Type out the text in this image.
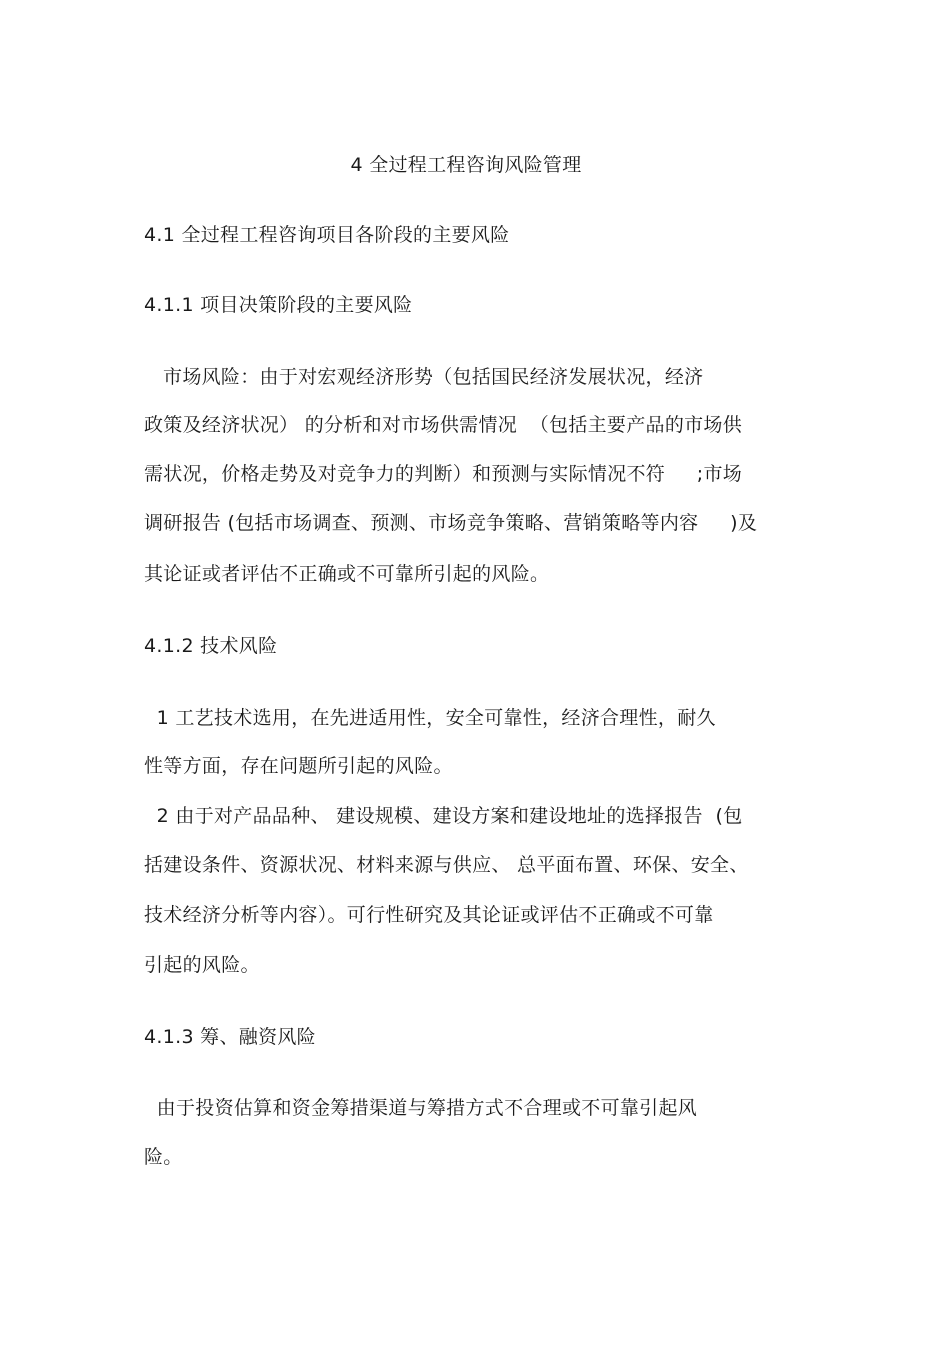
4 全过程工程咨询风险管理
4.1 全过程工程咨询项目各阶段的主要风险
4.1.1 项目决策阶段的主要风险
市场风险：由于对宏观经济形势（包括国民经济发展状况，经济
政策及经济状况） 的分析和对市场供需情况  （包括主要产品的市场供
需状况，价格走势及对竞争力的判断）和预测与实际情况不符     ;市场
调研报告 (包括市场调查、预测、市场竞争策略、营销策略等内容     )及
其论证或者评估不正确或不可靠所引起的风险。
4.1.2 技术风险
1 工艺技术选用，在先进适用性，安全可靠性，经济合理性，耐久
性等方面，存在问题所引起的风险。
2 由于对产品品种、 建设规模、建设方案和建设地址的选择报告  (包
括建设条件、资源状况、材料来源与供应、 总平面布置、环保、安全、
技术经济分析等内容）。可行性研究及其论证或评估不正确或不可靠
引起的风险。
4.1.3 筹、融资风险
由于投资估算和资金筹措渠道与筹措方式不合理或不可靠引起风
险。
